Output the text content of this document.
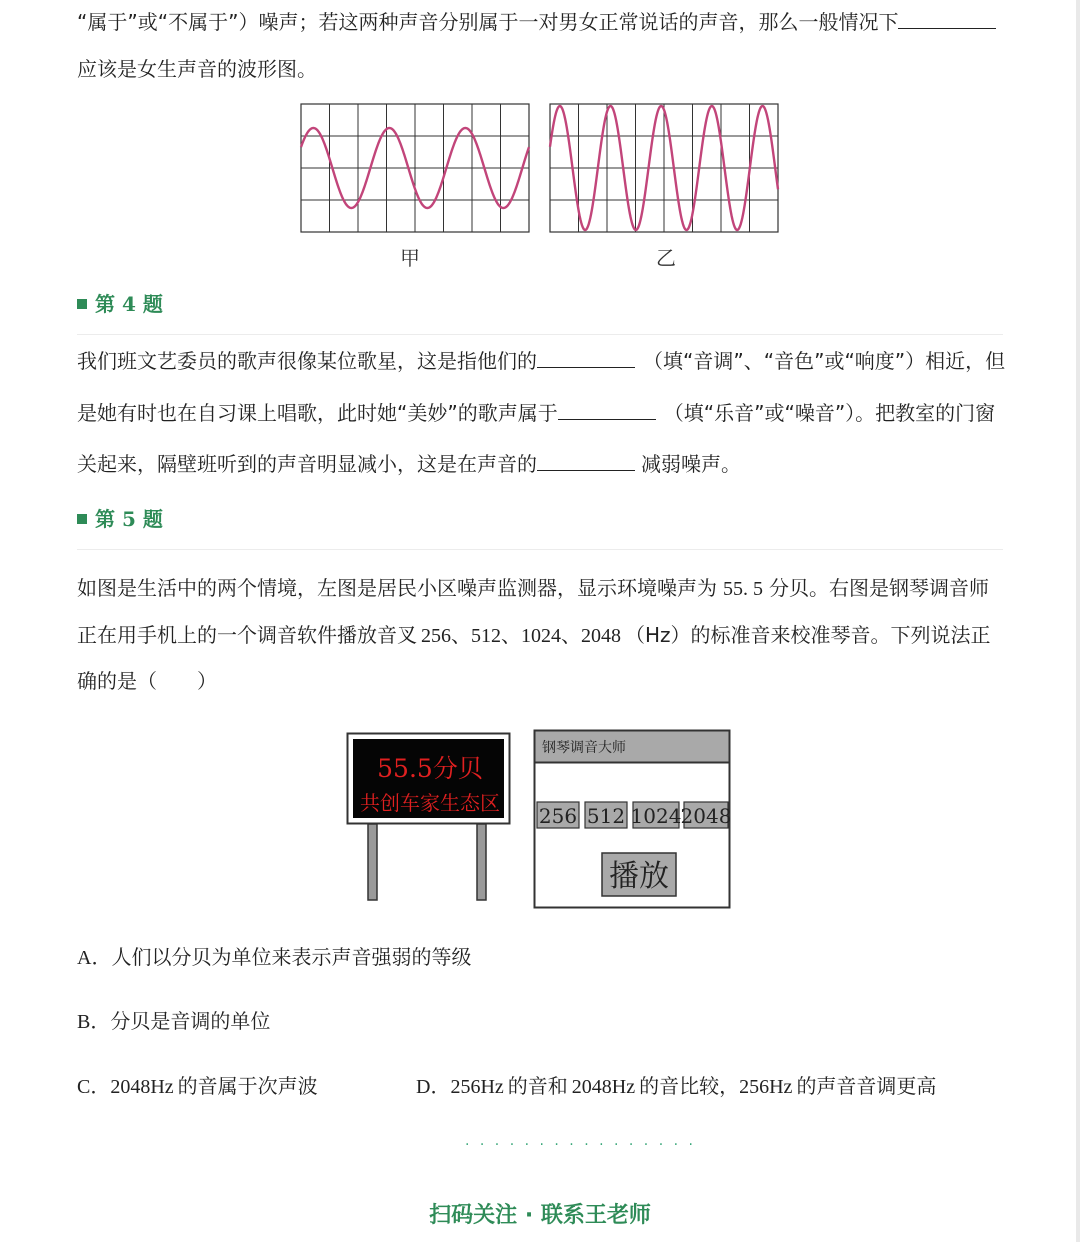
“属于”或“不属于”）噪声；若这两种声音分别属于一对男女正常说话的声音，那么一般情况下
应该是女生声音的波形图。
甲	乙
第 4 题
我们班文艺委员的歌声很像某位歌星，这是指他们的	（填“音调”、“音色”或“响度”）相近，但
是她有时也在自习课上唱歌，此时她“美妙”的歌声属于	（填“乐音”或“噪音”）。把教室的门窗
关起来，隔壁班听到的声音明显减小，这是在声音的	减弱噪声。
第 5 题
如图是生活中的两个情境，左图是居民小区噪声监测器，显示环境噪声为 55. 5 分贝。右图是钢琴调音师
正在用手机上的一个调音软件播放音叉 256、512、1024、2048 （Hz）的标准音来校准琴音。下列说法正
确的是（　　）
55.5分贝
共创车家生态区
钢琴调音大师
256 512 1024 2048
播放
A．人们以分贝为单位来表示声音强弱的等级
B．分贝是音调的单位
C．2048Hz 的音属于次声波	D．256Hz 的音和 2048Hz 的音比较，256Hz 的声音音调更高
· · · · · · · · · · · · · · · ·
扫码关注 · 联系王老师
